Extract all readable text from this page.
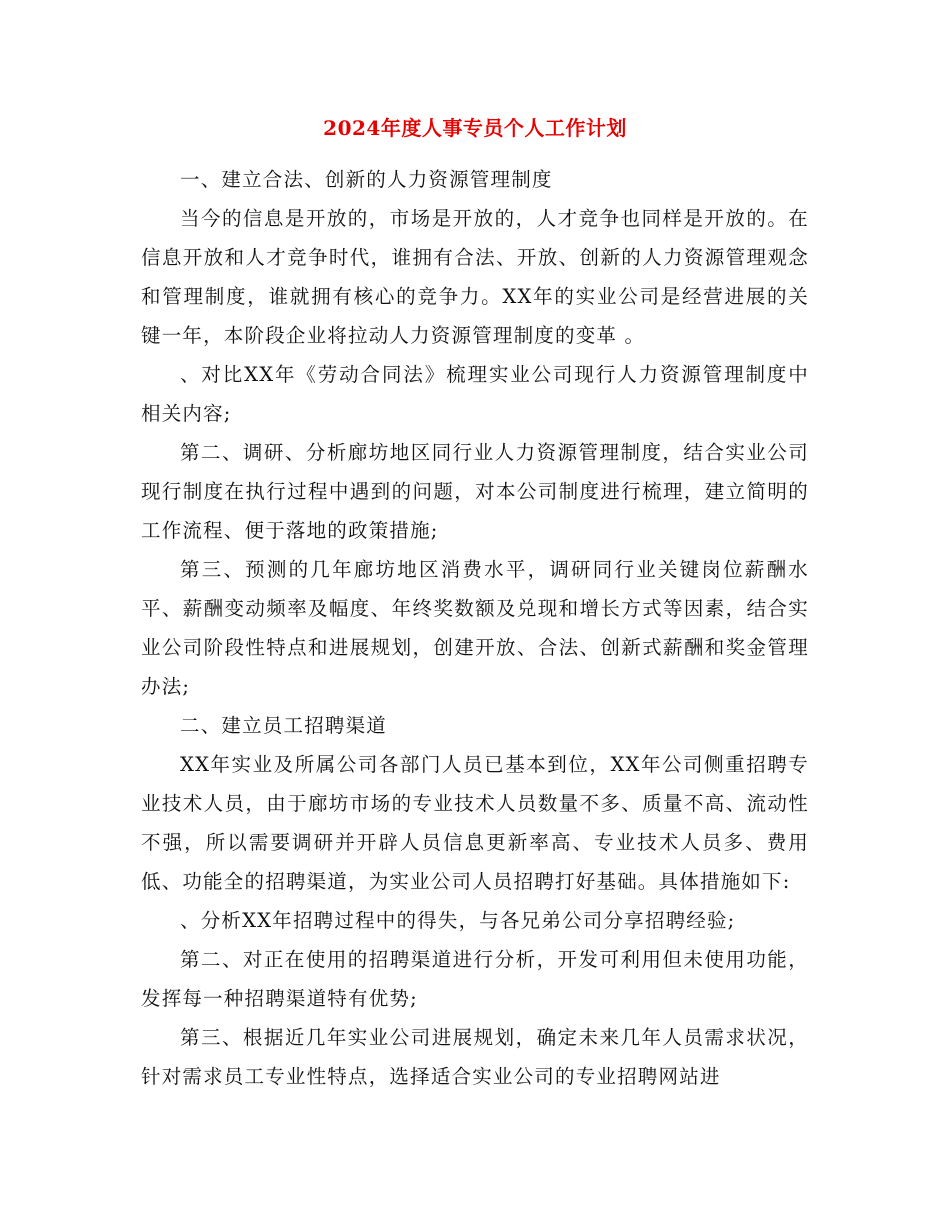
2024年度人事专员个人工作计划

一、建立合法、创新的人力资源管理制度

当今的信息是开放的，市场是开放的，人才竞争也同样是开放的。在信息开放和人才竞争时代，谁拥有合法、开放、创新的人力资源管理观念和管理制度，谁就拥有核心的竞争力。XX年的实业公司是经营进展的关键一年，本阶段企业将拉动人力资源管理制度的变革 。

、对比XX年《劳动合同法》梳理实业公司现行人力资源管理制度中相关内容;

第二、调研、分析廊坊地区同行业人力资源管理制度，结合实业公司现行制度在执行过程中遇到的问题，对本公司制度进行梳理，建立简明的工作流程、便于落地的政策措施;

第三、预测的几年廊坊地区消费水平，调研同行业关键岗位薪酬水平、薪酬变动频率及幅度、年终奖数额及兑现和增长方式等因素，结合实业公司阶段性特点和进展规划，创建开放、合法、创新式薪酬和奖金管理办法;

二、建立员工招聘渠道

XX年实业及所属公司各部门人员已基本到位，XX年公司侧重招聘专业技术人员，由于廊坊市场的专业技术人员数量不多、质量不高、流动性不强，所以需要调研并开辟人员信息更新率高、专业技术人员多、费用低、功能全的招聘渠道，为实业公司人员招聘打好基础。具体措施如下:

、分析XX年招聘过程中的得失，与各兄弟公司分享招聘经验;

第二、对正在使用的招聘渠道进行分析，开发可利用但未使用功能，发挥每一种招聘渠道特有优势;

第三、根据近几年实业公司进展规划，确定未来几年人员需求状况，针对需求员工专业性特点，选择适合实业公司的专业招聘网站进
